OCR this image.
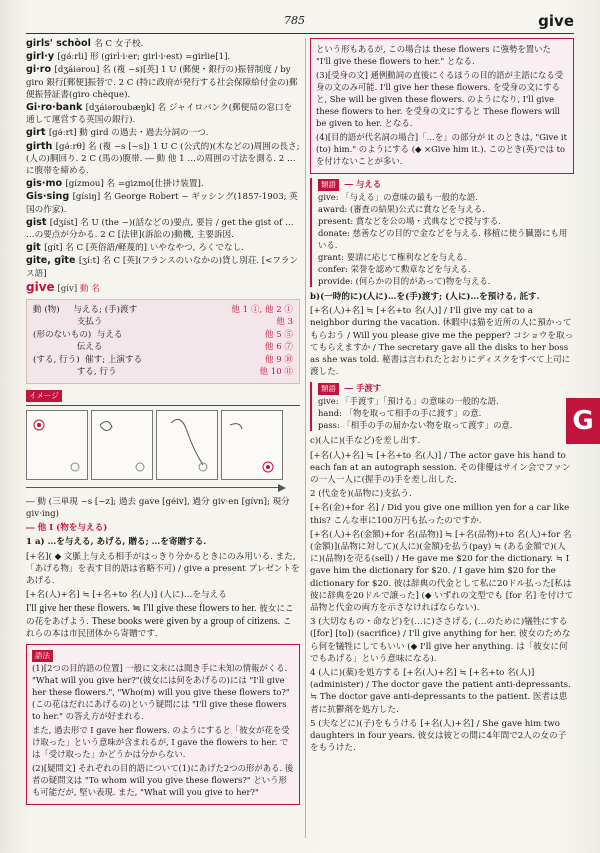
785	give
girls' schòol 名 C 女子校.
girl·y [gə́ːrli] 形 (girl·i·er; girl·i·est) =girlie[1].
gi·ro [dʒáiərou] 名 (複 ~s)[英] 1 U (郵便・銀行の)振替制度 / by giro 銀行[郵便]振替で. 2 C (特に政府が発行する社会保障給付金の)郵便振替証書(giro chèque).
Gi·ro·bank [dʒáiəroubæŋk] 名 ジャイロバンク(郵便局の窓口を通して運営する英国の銀行).
girt [gə́ːrt] 動 gird の過去・過去分詞の一つ.
girth [gə́ːrθ] 名 (複 ~s [~s]) 1 U C (公式的)(木などの)周囲の長さ;(人の)胴回り. 2 C (馬の)腹帯. ― 動 他 1 …の周囲の寸法を測る. 2 …に腹帯を締める.
gis·mo [gízmou] 名 =gizmo[仕掛け装置].
Gis·sing [gísiŋ] 名 George Robert ~ ギッシング(1857-1903; 英国の作家).
gist [dʒíst] 名 U (the ~)(話などの)要点, 要旨 / get the gist of … …の要点が分かる. 2 C [法律](訴訟の)動機, 主要訴因.
git [gít] 名 C [英俗語/軽蔑的] いやなやつ, ろくでなし.
gite, gîte [ʒíːt] 名 C [英](フランスのいなかの)貸し別荘. [<フランス語]
give [gív] 動 名
動 (物)     与える; (手)渡す	他 1 ①, 他 2 ①
支払う	他 3
(形のないもの)  与える	他 5 ⑤
伝える	他 6 ⑦
(する, 行う)  催す; 上演する	他 9 ⑩
する, 行う	他 10 ⑪
イメージ
― 動 (三単現 ~s [~z]; 過去 gave [géiv], 過分 giv·en [gívn]; 現分 giv·ing)
― 他 I (物を与える)
1 a) …を与える, あげる, 贈る; …を寄贈する.
[+名]( ◆ 文脈上与える相手がはっきり分かるときにのみ用いる. また,「あげる物」を表す目的語は省略不可) / give a present プレゼントをあげる.
[+名(人)+名] ≒ [+名+to 名(人)] (人に)…を与える
I'll give her these flowers. ≒ I'll give these flowers to her. 彼女にこの花をあげよう. These books were given by a group of citizens. これらの本は市民団体から寄贈です.
語法
(1)[2つの目的語の位置] 一般に文末には聞き手に未知の情報がくる. "What will you give her?"(彼女には何をあげるの)には "I'll give her these flowers.", "Who(m) will you give these flowers to?"(この花はだれにあげるの)という疑問には "I'll give these flowers to her." の答え方が好まれる.
また, 過去形で I gave her flowers. のようにすると「彼女が花を受け取った」という意味が含まれるが, I gave the flowers to her. では「受け取った」かどうかは分からない.
(2)[疑問文] それぞれの目的語について(1)にあげた2つの形がある. 後者の疑問文は "To whom will you give these flowers?" という形も可能だが, 堅い表現. また, "What will you give to her?"
という形もあるが, この場合は these flowers に強勢を置いた "I'll give these flowers to her." となる.
(3)[受身の文] 通例動詞の直後にくるほうの目的語が主語になる受身の文のみ可能. I'll give her these flowers. を受身の文にすると, She will be given these flowers. のようになり, I'll give these flowers to her. を受身の文にすると These flowers will be given to her. となる.
(4)[目的語が代名詞の場合]「…を」の部分が it のときは, "Give it (to) him." のようにする (◆ ×Give him it.). このとき(英)では to を付けないことが多い.
類語 ― 与える
give: 「与える」の意味の最も一般的な語.
award: (審査の結果)公式に賞などを与える.
present: 賞などを公の場・式典などで授与する.
donate: 慈善などの目的で金などを与える. 移植に使う臓器にも用いる.
grant: 要請に応じて権利などを与える.
confer: 栄誉を認めて勲章などを与える.
provide: (何らかの目的があって)物を与える.
b)(一時的に)(人に)…を(手)渡す; (人に)…を預ける, 託す.
[+名(人)+名] ≒ [+名+to 名(人)] / I'll give my cat to a neighbor during the vacation. 休暇中は猫を近所の人に預かってもらおう / Will you please give me the pepper? コショウを取ってもらえますか / The secretary gave all the disks to her boss as she was told. 秘書は言われたとおりにディスクをすべて上司に渡した.
類語 ― 手渡す
give: 「手渡す」「預ける」の意味の一般的な語.
hand: 「物を取って相手の手に渡す」の意.
pass: 「相手の手の届かない物を取って渡す」の意.
c)(人に)(手など)を差し出す.
[+名(人)+名] ≒ [+名+to 名(人)] / The actor gave his hand to each fan at an autograph session. その俳優はサイン会でファンの一人一人に(握手の)手を差し出した.
2 (代金を)(品物に)支払う.
[+名(金)+for 名] / Did you give one million yen for a car like this? こんな車に100万円も払ったのですか.
[+名(人)+名(金額)+for 名(品物)] ≒ [+名(品物)+to 名(人)+for 名(金額)](品物に対して)(人に)(金額)を払う(pay) ≒ (ある金額で)(人に)(品物)を売る(sell) / He gave me $20 for the dictionary. ≒ I gave him the dictionary for $20. / I gave him $20 for the dictionary for $20. 彼は辞典の代金として私に20ドル払った[私は彼に辞典を20ドルで譲った] (◆ いずれの文型でも [for 名] を付けて品物と代金の両方を示さなければならない).
3 (大切なもの・命など)を(…に)ささげる, (…のために)犠牲にする ([for] [to]) (sacrifice) / I'll give anything for her. 彼女のためなら何を犠牲にしてもいい (◆ I'll give her anything. は「彼女に何でもあげる」という意味になる).
4 (人に)(薬)を処方する [+名(人)+名] ≒ [+名+to 名(人)] (administer) / The doctor gave the patient anti-depressants. ≒ The doctor gave anti-depressants to the patient. 医者は患者に抗鬱剤を処方した.
5 (夫などに)(子)をもうける [+名(人)+名] / She gave him two daughters in four years. 彼女は彼との間に4年間で2人の女の子をもうけた.
G
